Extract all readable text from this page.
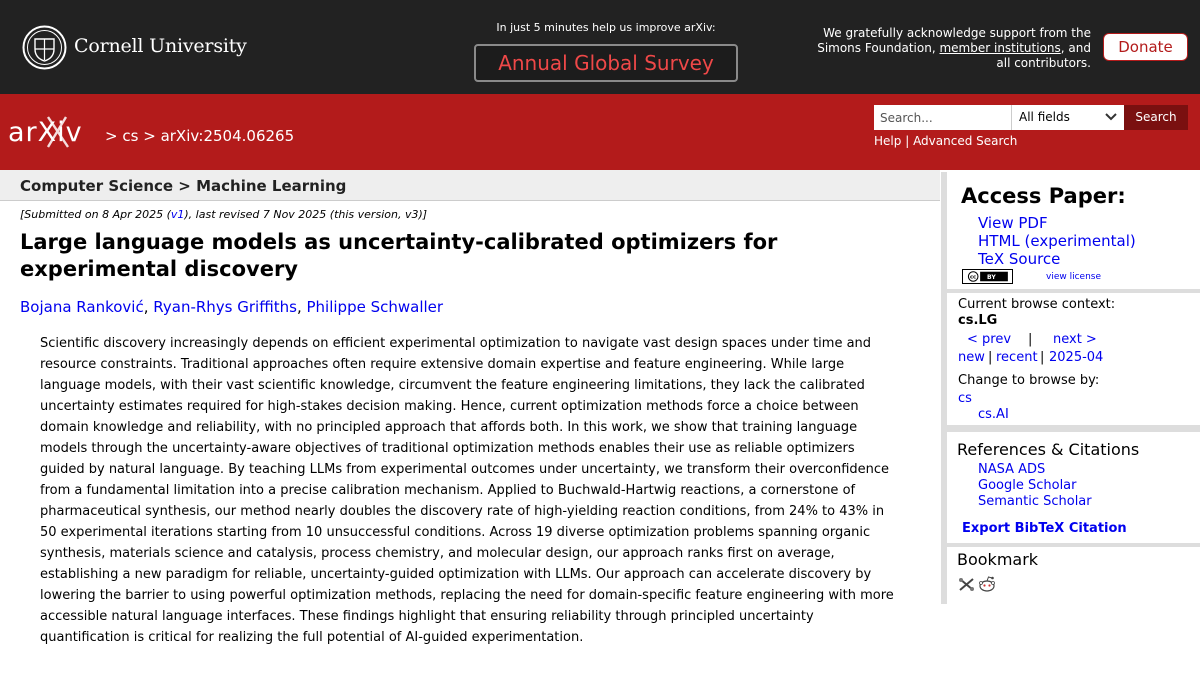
Cornell University
In just 5 minutes help us improve arXiv:
Annual Global Survey
We gratefully acknowledge support from the
Simons Foundation, member institutions, and
all contributors.
Donate
arXiv > cs > arXiv:2504.06265
Search...
All fields	Search
Help | Advanced Search
Computer Science > Machine Learning
[Submitted on 8 Apr 2025 (v1), last revised 7 Nov 2025 (this version, v3)]
Large language models as uncertainty-calibrated optimizers for experimental discovery
Bojana Ranković, Ryan-Rhys Griffiths, Philippe Schwaller
Scientific discovery increasingly depends on efficient experimental optimization to navigate vast design spaces under time and resource constraints. Traditional approaches often require extensive domain expertise and feature engineering. While large language models, with their vast scientific knowledge, circumvent the feature engineering limitations, they lack the calibrated uncertainty estimates required for high-stakes decision making. Hence, current optimization methods force a choice between domain knowledge and reliability, with no principled approach that affords both. In this work, we show that training language models through the uncertainty-aware objectives of traditional optimization methods enables their use as reliable optimizers guided by natural language. By teaching LLMs from experimental outcomes under uncertainty, we transform their overconfidence from a fundamental limitation into a precise calibration mechanism. Applied to Buchwald-Hartwig reactions, a cornerstone of pharmaceutical synthesis, our method nearly doubles the discovery rate of high-yielding reaction conditions, from 24% to 43% in 50 experimental iterations starting from 10 unsuccessful conditions. Across 19 diverse optimization problems spanning organic synthesis, materials science and catalysis, process chemistry, and molecular design, our approach ranks first on average, establishing a new paradigm for reliable, uncertainty-guided optimization with LLMs. Our approach can accelerate discovery by lowering the barrier to using powerful optimization methods, replacing the need for domain-specific feature engineering with more accessible natural language interfaces. These findings highlight that ensuring reliability through principled uncertainty quantification is critical for realizing the full potential of AI-guided experimentation.
Access Paper:
View PDF
HTML (experimental)
TeX Source
cc BY	view license
Current browse context:
cs.LG
< prev | next >
new | recent | 2025-04
Change to browse by:
cs
cs.AI
References & Citations
NASA ADS
Google Scholar
Semantic Scholar
Export BibTeX Citation
Bookmark
